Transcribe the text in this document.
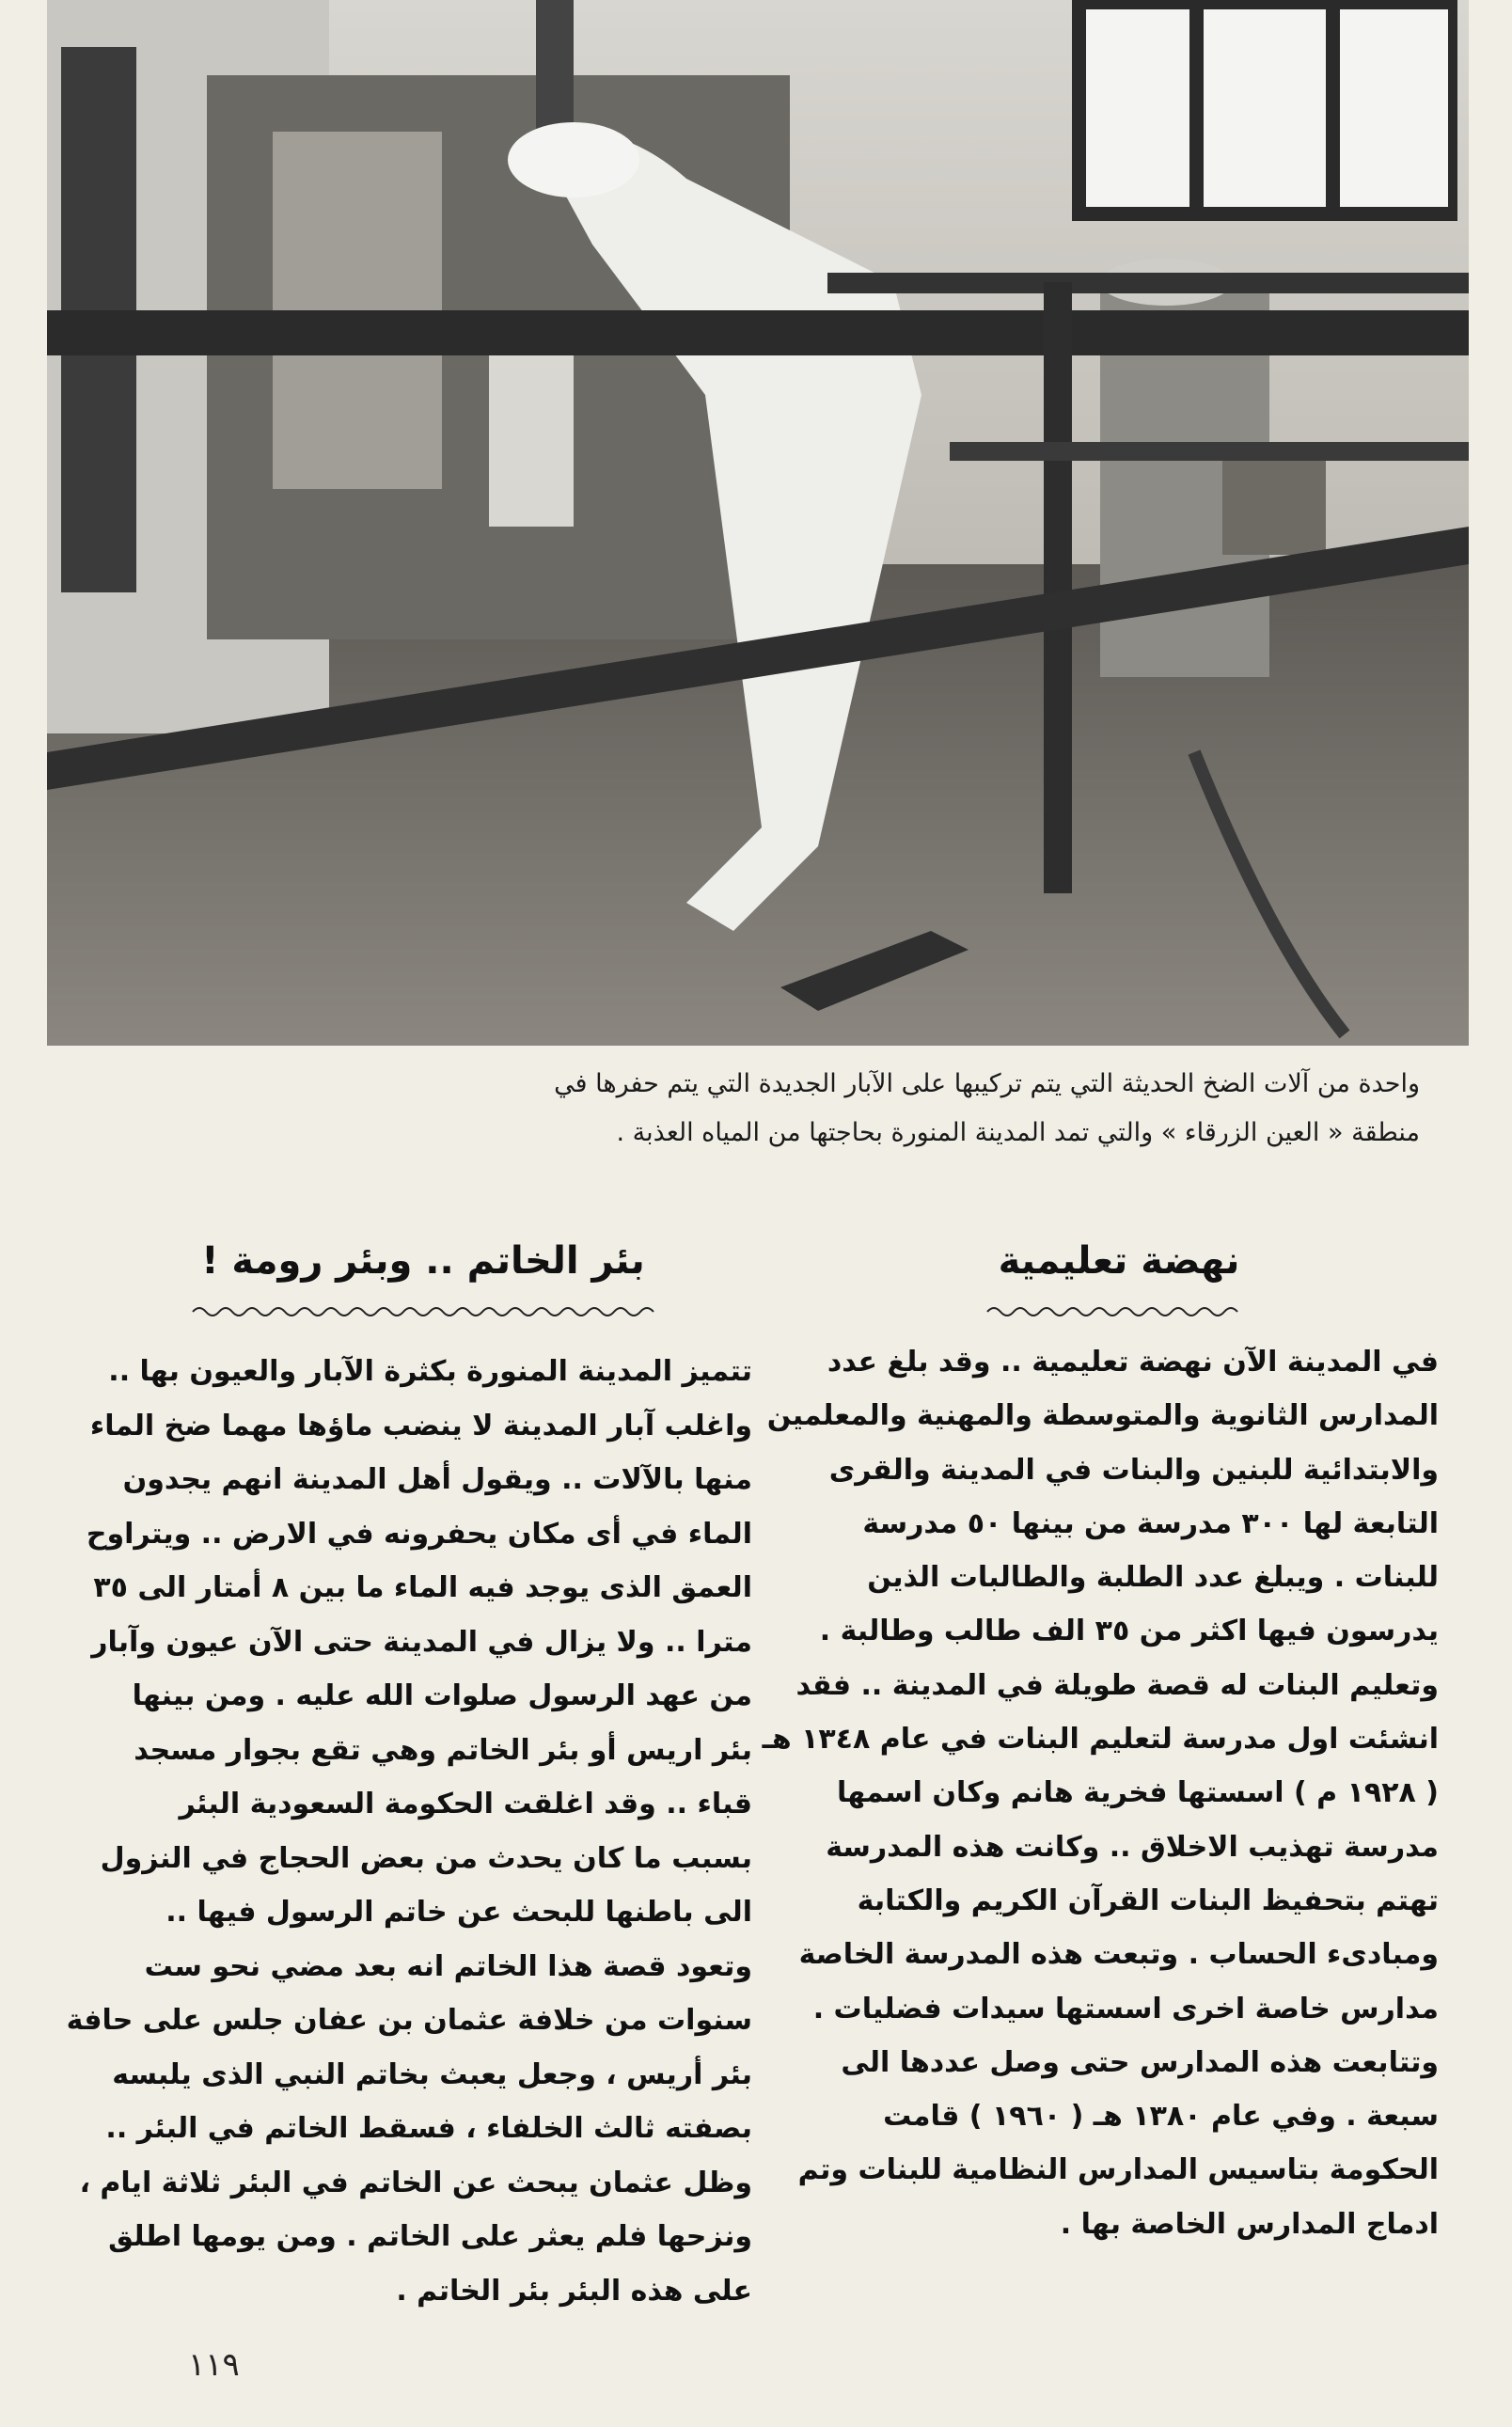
واحدة من آلات الضخ الحديثة التي يتم تركيبها على الآبار الجديدة التي يتم حفرها في
منطقة « العين الزرقاء » والتي تمد المدينة المنورة بحاجتها من المياه العذبة .
نهضة تعليمية
بئر الخاتم .. وبئر رومة !
في المدينة الآن نهضة تعليمية .. وقد بلغ عدد
المدارس الثانوية والمتوسطة والمهنية والمعلمين
والابتدائية للبنين والبنات في المدينة والقرى
التابعة لها ٣٠٠ مدرسة من بينها ٥٠ مدرسة
للبنات . ويبلغ عدد الطلبة والطالبات الذين
يدرسون فيها اكثر من ٣٥ الف طالب وطالبة .
وتعليم البنات له قصة طويلة في المدينة .. فقد
انشئت اول مدرسة لتعليم البنات في عام ١٣٤٨ هـ
( ١٩٢٨ م ) اسستها فخرية هانم وكان اسمها
مدرسة تهذيب الاخلاق .. وكانت هذه المدرسة
تهتم بتحفيظ البنات القرآن الكريم والكتابة
ومبادىء الحساب . وتبعت هذه المدرسة الخاصة
مدارس خاصة اخرى اسستها سيدات فضليات .
وتتابعت هذه المدارس حتى وصل عددها الى
سبعة . وفي عام ١٣٨٠ هـ ( ١٩٦٠ ) قامت
الحكومة بتاسيس المدارس النظامية للبنات وتم
ادماج المدارس الخاصة بها .
تتميز المدينة المنورة بكثرة الآبار والعيون بها ..
واغلب آبار المدينة لا ينضب ماؤها مهما ضخ الماء
منها بالآلات .. ويقول أهل المدينة انهم يجدون
الماء في أى مكان يحفرونه في الارض .. ويتراوح
العمق الذى يوجد فيه الماء ما بين ٨ أمتار الى ٣٥
مترا .. ولا يزال في المدينة حتى الآن عيون وآبار
من عهد الرسول صلوات الله عليه . ومن بينها
بئر اريس أو بئر الخاتم وهي تقع بجوار مسجد
قباء .. وقد اغلقت الحكومة السعودية البئر
بسبب ما كان يحدث من بعض الحجاج في النزول
الى باطنها للبحث عن خاتم الرسول فيها ..
وتعود قصة هذا الخاتم انه بعد مضي نحو ست
سنوات من خلافة عثمان بن عفان جلس على حافة
بئر أريس ، وجعل يعبث بخاتم النبي الذى يلبسه
بصفته ثالث الخلفاء ، فسقط الخاتم في البئر ..
وظل عثمان يبحث عن الخاتم في البئر ثلاثة ايام ،
ونزحها فلم يعثر على الخاتم . ومن يومها اطلق
على هذه البئر بئر الخاتم .
١١٩
